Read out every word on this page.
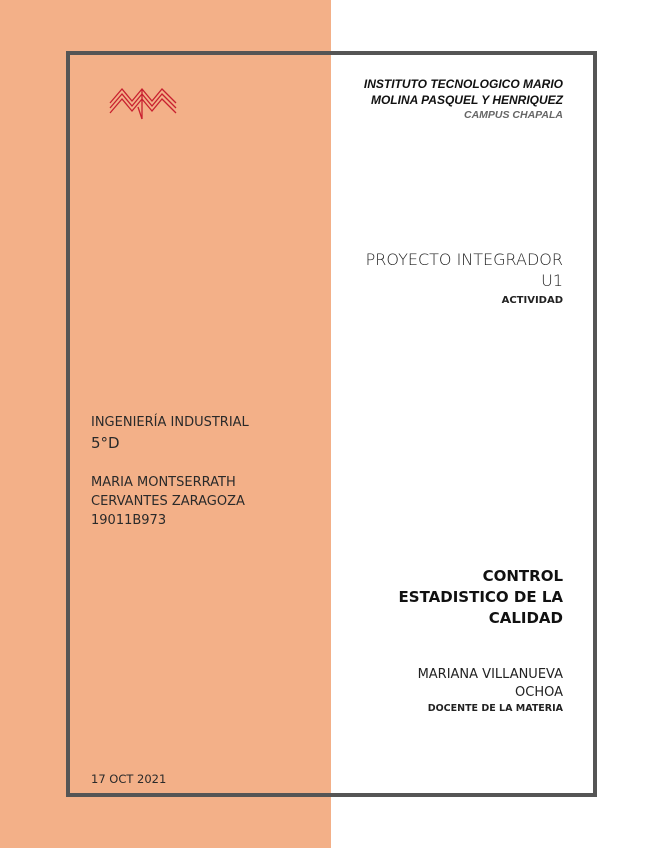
INSTITUTO TECNOLOGICO MARIO
MOLINA PASQUEL Y HENRIQUEZ
CAMPUS CHAPALA
PROYECTO INTEGRADOR
U1
ACTIVIDAD
INGENIERÍA INDUSTRIAL
5°D
MARIA MONTSERRATH
CERVANTES ZARAGOZA
19011B973
CONTROL
ESTADISTICO DE LA
CALIDAD
MARIANA VILLANUEVA
OCHOA
DOCENTE DE LA MATERIA
17 OCT 2021
